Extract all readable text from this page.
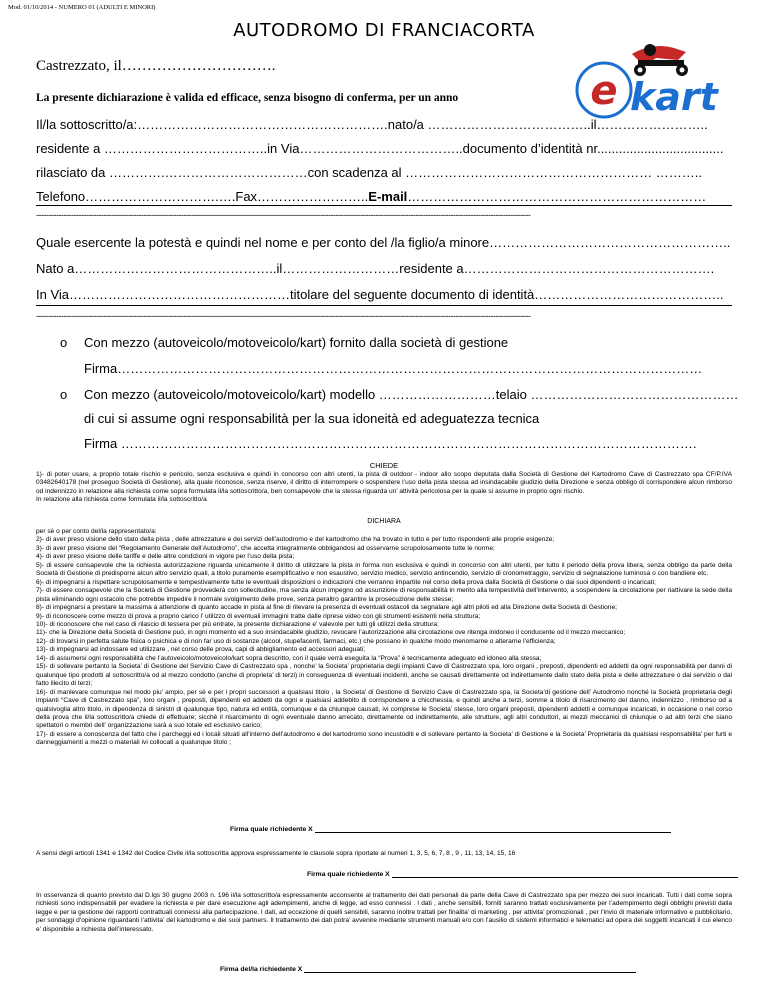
Mod. 01/10/2014 - NUMERO 01 (ADULTI E MINORI)
AUTODROMO DI FRANCIACORTA
Castrezzato, il………………………….
La presente dichiarazione è valida ed efficace, senza bisogno di conferma, per un anno	e kart
Il/la sottoscritto/a:………………………………………………….nato/a ………………………………..il……………………..
residente a ………………………………..in Via………………………………..documento d’identità nr...................................
rilasciato da ………….……………………………con scadenza al ………………………………………………… ………..
Telefono………………………….….Fax……………………..E-mail……………………………………………………………
------------------------------------------------------------------------------------------------------------------------------------------------------------------------------------------------------
Quale esercente la potestà e quindi nel nome e per conto del /la figlio/a minore………………………………………………..
Nato a………………………………………..il………………………residente a………………………………………………….
In Via……………………………………………titolare del seguente documento di identità……………………………………..
------------------------------------------------------------------------------------------------------------------------------------------------------------------------------------------------------
o Con mezzo (autoveicolo/motoveicolo/kart) fornito dalla società di gestione
Firma………………………………………………………………………………………………………………………
o Con mezzo (autoveicolo/motoveicolo/kart) modello ………………………telaio …………………………………………
di cui si assume ogni responsabilità per la sua idoneità ed adeguatezza tecnica
Firma …………………………………………………………………………………………………………………….
CHIEDE

1)- di poter usare, a proprio totale rischio e pericolo, senza esclusiva e quindi in concorso con altri utenti, la pista di outdoor - indoor allo scopo deputata dalla Società di Gestione del Kartodromo Cave di Castrezzato spa CF/P.IVA 03482640178 (nel proseguo Società di Gestione), alla quale riconosce, senza riserve, il diritto di interrompere o sospendere l’uso della pista stessa ad insindacabile giudizio della Direzione e senza obbligo di corrispondere alcun rimborso od indennizzo in relazione alla richiesta come sopra formulata il/la sottoscritto/a, ben consapevole che la stessa riguarda un’ attività pericolosa per la quale si assume in proprio ogni rischio.

In relazione alla richiesta come formulata il/la sottoscritto/a

DICHIARA

per sè o per conto del/la rappresentato/a:

2)- di aver preso visione dello stato della pista , delle attrezzature e dei servizi dell’autodromo e del kartodromo che ha trovato in tutto e per tutto rispondenti alle proprie esigenze;

3)- di aver preso visione del “Regolamento Generale dell’Autodromo”, che accetta integralmente obbligandosi ad osservarne scrupolosamente tutte le norme;

4)- di aver preso visione delle tariffe e delle altre condizioni in vigore per l’uso della pista;

5)- di essere consapevole che la richiesta autorizzazione riguarda unicamente il diritto di utilizzare la pista in forma non esclusiva e quindi in concorso con altri utenti, per tutto il periodo della prova libera, senza obbligo da parte della Società di Gestione di predisporre alcun altro servizio quali, a titolo puramente esemplificativo e non esaustivo, servizio medico, servizio antincendio, servizio di cronometraggio, servizio di segnalazione luminosa o con bandiere etc.

6)- di impegnarsi a rispettare scrupolosamente e tempestivamente tutte le eventuali disposizioni o indicazioni che verranno impartite nel corso della prova dalla Società di Gestione o dai suoi dipendenti o incaricati;

7)- di essere consapevole che la Società di Gestione provvederà con sollecitudine, ma senza alcun impegno od assunzione di responsabilità in merito alla tempestività dell’intervento, a sospendere la circolazione per riattivare la sede della pista eliminando ogni ostacolo che potrebbe impedire il normale svolgimento delle prove, senza peraltro garantire la prosecuzione delle stesse;

8)- di impegnarsi a prestare la massima a attenzione di quanto accade in pista al fine di rilevare la presenza di eventuali ostacoli da segnalare agli altri piloti ed alla Direzione della Società di Gestione;

9)- di riconoscere come mezzo di prova a proprio carico l’ utilizzo di eventuali immagini tratte dalle riprese video con gli strumenti esistenti nella struttura;

10)- di riconoscere che nel caso di rilascio di tessera per più entrate, la presente dichiarazione e’ valevole per tutti gli utilizzi della struttura;

11)- che la Direzione della Società di Gestione può, in ogni momento ed a suo insindacabile giudizio, revocare l’autorizzazione alla circolazione ove ritenga inidoneo il conducente od il mezzo meccanico;

12)- di trovarsi in perfetta salute fisica o psichica e di non far uso di sostanze (alcool, stupefacenti, farmaci, etc.) che possano in qualche modo menomarne o alterarne l’efficienza;

13)- di impegnarsi ad indossare ed utilizzare , nel corso delle prova, capi di abbigliamento ed accessori adeguati;

14)- di assumersi ogni responsabilità che l’autoveicolo/motoveicolo/kart sopra descritto, con il quale verrà eseguita la “Prova” è tecnicamente adeguato ed idoneo alla stessa;

15)- di sollevare pertanto la Societa’ di Gestione del Servizio Cave di Castrezzato spa , nonche’ la Societa’ proprietaria degli impianti Cave di Castrezzato spa, loro organi , preposti, dipendenti ed addetti da ogni responsabilità per danni di qualunque tipo prodotti al sottoscritto/a od al mezzo condotto (anche di proprieta’ di terzi) in conseguenza di eventuali incidenti, anche se causati direttamente od indirettamente dallo stato della pista e delle attrezzature o dal servizio o dal fatto illecito di terzi;

16)- di manlevare comunque nel modo piu’ ampio, per sè e per i propri successori a qualsiasi titolo , la Societa’ di Gestione di Servizio Cave di Castrezzato spa, la Societa’di gestione dell’ Autodromo nonché la Società proprietaria degli impianti “Cave di Castrezzato spa”, loro organi , preposti, dipendenti ed addetti da ogni e qualsiasi addebito di corrispondere a chicchessia, e quindi anche a terzi, somme a titolo di risarcimento del danno, indennizzo , rimborso od a qualsivoglia altro titolo, in dipendenza di sinistri di qualunque tipo, natura ed entità, comunque e da chiunque causati, ivi comprese le Societa’ stesse, loro organi preposti, dipendenti addetti e comunque incaricati, in occasione o nel corso della prova che il/la sottoscritto/a chiede di effettuare; sicchè il risarcimento di ogni eventuale danno arrecato, direttamente od indirettamente, alle strutture, agli altri conduttori, ai mezzi meccanici di chiunque o ad altri terzi che siano spettatori o membri dell’ organizzazione sarà a suo totale ed esclusivo carico;

17)- di essere a conoscenza del fatto che i parcheggi ed i locali situati all’interno dell’autodromo e del kartodromo sono incustoditi e di sollevare pertanto la Societa’ di Gestione e la Societa’ Proprietaria da qualsiasi responsabilita’ per furti e danneggiamenti a mezzi o materiali ivi collocati a qualunque titolo ;

Firma quale richiedente X
A sensi degli articoli 1341 e 1342 del Codice Civile il/la sottoscritta approva espressamente le clausole sopra riportate ai numeri 1, 3, 5, 6, 7, 8 , 9 , 11, 13, 14, 15, 16
Firma quale richiedente X
In osservanza di quanto previsto dal D.lgs 30 giugno 2003 n. 196 il/la sottoscritto/a espressamente acconsente al trattamento dei dati personali da parte della Cave di Castrezzato spa per mezzo dei suoi incaricati. Tutti i dati come sopra richiesti sono indispensabili per evadere la richiesta e per dare esecuzione agli adempimenti, anche di legge, ad esso connessi . I dati , anche sensibili, forniti saranno trattati esclusivamente per l’adempimento degli obblighi previsti dalla legge e per la gestione dei rapporti contrattuali connessi alla partecipazione. I dati, ad eccezione di quelli sensibili, saranno inoltre trattati per finalita’ di marketing , per attivita’ promozionali , per l’invio di materiale informativo e pubblicitario, per sondaggi d’opinione riguardanti l’attivita’ del kartodromo e dei suoi partners. Il trattamento dei dati potra’ avvenire mediante strumenti manuali e/o con l’ausilio di sistemi informatici e telematici ad opera dei soggetti incaricati il cui elenco e’ disponibile a richiesta dell’interessato.
Firma del/la richiedente X
